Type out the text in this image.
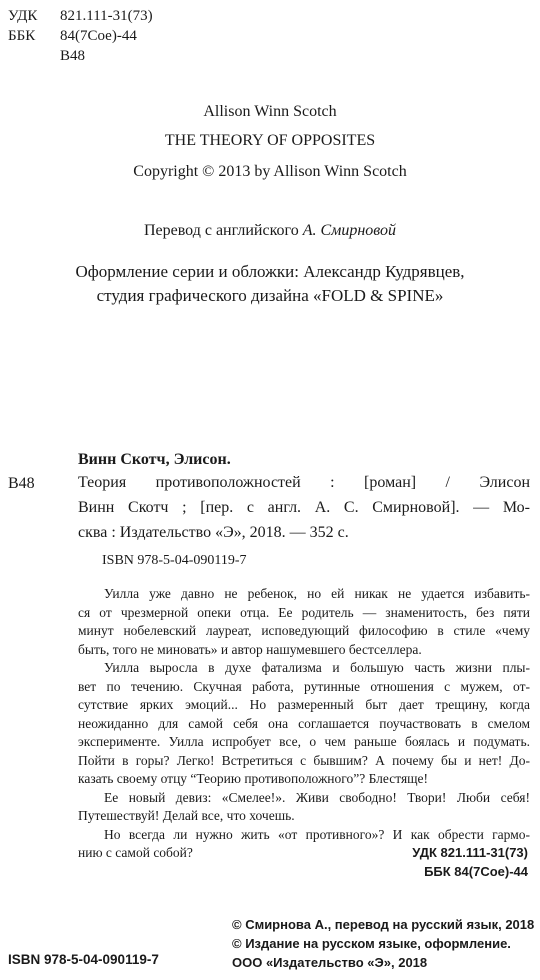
УДК 821.111-31(73)
ББК 84(7Сое)-44
В48
Allison Winn Scotch
THE THEORY OF OPPOSITES
Copyright © 2013 by Allison Winn Scotch
Перевод с английского А. Смирновой
Оформление серии и обложки: Александр Кудрявцев,
студия графического дизайна «FOLD & SPINE»
Винн Скотч, Элисон.
В48	Теория противоположностей : [роман] / Элисон
Винн Скотч ; [пер. с англ. А. С. Смирновой]. — Мо-
сква : Издательство «Э», 2018. — 352 с.
ISBN 978-5-04-090119-7
Уилла уже давно не ребенок, но ей никак не удается избавить-
ся от чрезмерной опеки отца. Ее родитель — знаменитость, без пяти
минут нобелевский лауреат, исповедующий философию в стиле «чему
быть, того не миновать» и автор нашумевшего бестселлера.
Уилла выросла в духе фатализма и большую часть жизни плы-
вет по течению. Скучная работа, рутинные отношения с мужем, от-
сутствие ярких эмоций... Но размеренный быт дает трещину, когда
неожиданно для самой себя она соглашается поучаствовать в смелом
эксперименте. Уилла испробует все, о чем раньше боялась и подумать.
Пойти в горы? Легко! Встретиться с бывшим? А почему бы и нет! До-
казать своему отцу “Теорию противоположного”? Блестяще!
Ее новый девиз: «Смелее!». Живи свободно! Твори! Люби себя!
Путешествуй! Делай все, что хочешь.
Но всегда ли нужно жить «от противного»? И как обрести гармо-
нию с самой собой?	УДК 821.111-31(73)
ББК 84(7Сое)-44
© Смирнова А., перевод на русский язык, 2018
© Издание на русском языке, оформление.
ООО «Издательство «Э», 2018
ISBN 978-5-04-090119-7
